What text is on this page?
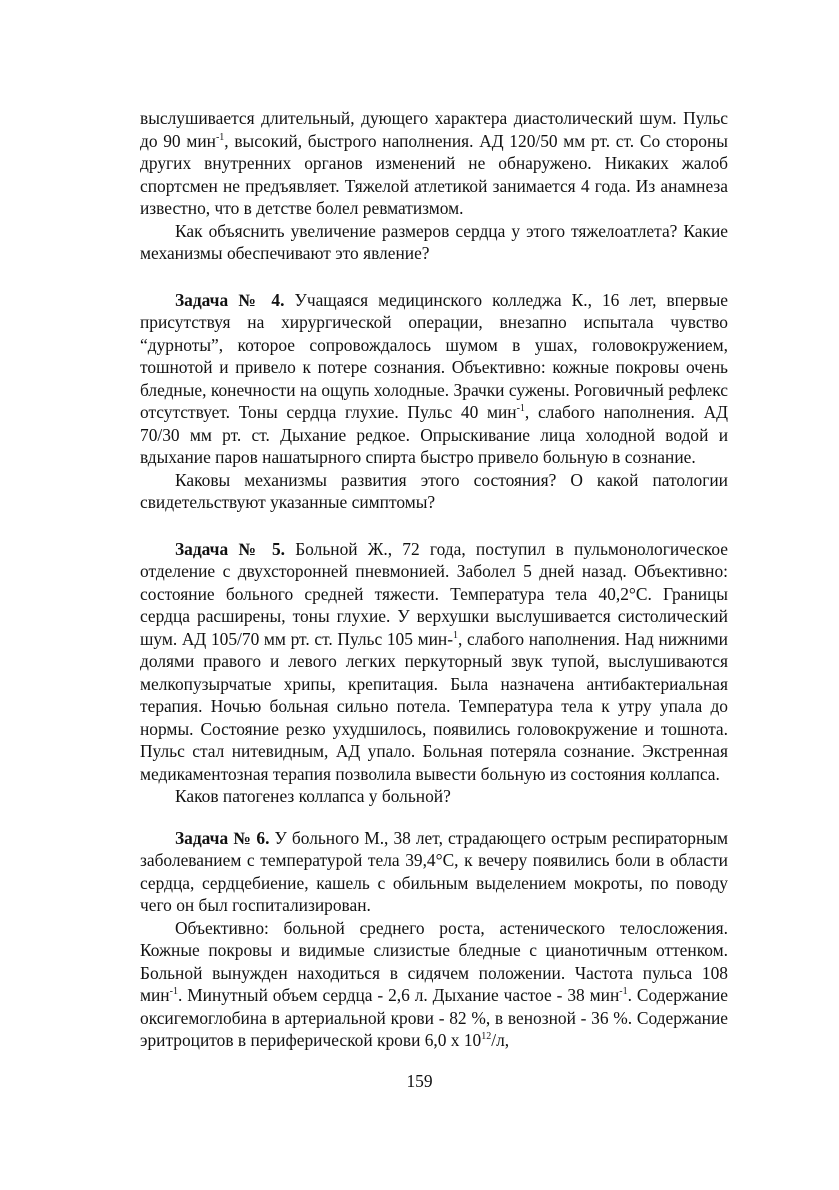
выслушивается длительный, дующего характера диастолический шум. Пульс до 90 мин$^{-1}$, высокий, быстрого наполнения. АД 120/50 мм рт. ст. Со стороны других внутренних органов изменений не обнаружено. Никаких жалоб спортсмен не предъявляет. Тяжелой атлетикой занимается 4 года. Из анамнеза известно, что в детстве болел ревматизмом.

Как объяснить увеличение размеров сердца у этого тяжелоатлета? Какие механизмы обеспечивают это явление?

Задача № 4. Учащаяся медицинского колледжа К., 16 лет, впервые присутствуя на хирургической операции, внезапно испытала чувство “дурноты”, которое сопровождалось шумом в ушах, головокружением, тошнотой и привело к потере сознания. Объективно: кожные покровы очень бледные, конечности на ощупь холодные. Зрачки сужены. Роговичный рефлекс отсутствует. Тоны сердца глухие. Пульс 40 мин$^{-1}$, слабого наполнения. АД 70/30 мм рт. ст. Дыхание редкое. Опрыскивание лица холодной водой и вдыхание паров нашатырного спирта быстро привело больную в сознание.

Каковы механизмы развития этого состояния? О какой патологии свидетельствуют указанные симптомы?

Задача № 5. Больной Ж., 72 года, поступил в пульмонологическое отделение с двухсторонней пневмонией. Заболел 5 дней назад. Объективно: состояние больного средней тяжести. Температура тела 40,2°С. Границы сердца расширены, тоны глухие. У верхушки выслушивается систолический шум. АД 105/70 мм рт. ст. Пульс 105 мин-$^1$, слабого наполнения. Над нижними долями правого и левого легких перкуторный звук тупой, выслушиваются мелкопузырчатые хрипы, крепитация. Была назначена антибактериальная терапия. Ночью больная сильно потела. Температура тела к утру упала до нормы. Состояние резко ухудшилось, появились головокружение и тошнота. Пульс стал нитевидным, АД упало. Больная потеряла сознание. Экстренная медикаментозная терапия позволила вывести больную из состояния коллапса.

Каков патогенез коллапса у больной?

Задача № 6. У больного М., 38 лет, страдающего острым респираторным заболеванием с температурой тела 39,4°С, к вечеру появились боли в области сердца, сердцебиение, кашель с обильным выделением мокроты, по поводу чего он был госпитализирован.

Объективно: больной среднего роста, астенического телосложения. Кожные покровы и видимые слизистые бледные с цианотичным оттенком. Больной вынужден находиться в сидячем положении. Частота пульса 108 мин$^{-1}$. Минутный объем сердца - 2,6 л. Дыхание частое - 38 мин$^{-1}$. Содержание оксигемоглобина в артериальной крови - 82 %, в венозной - 36 %. Содержание эритроцитов в периферической крови 6,0 х $10^{12}/л$,

159
